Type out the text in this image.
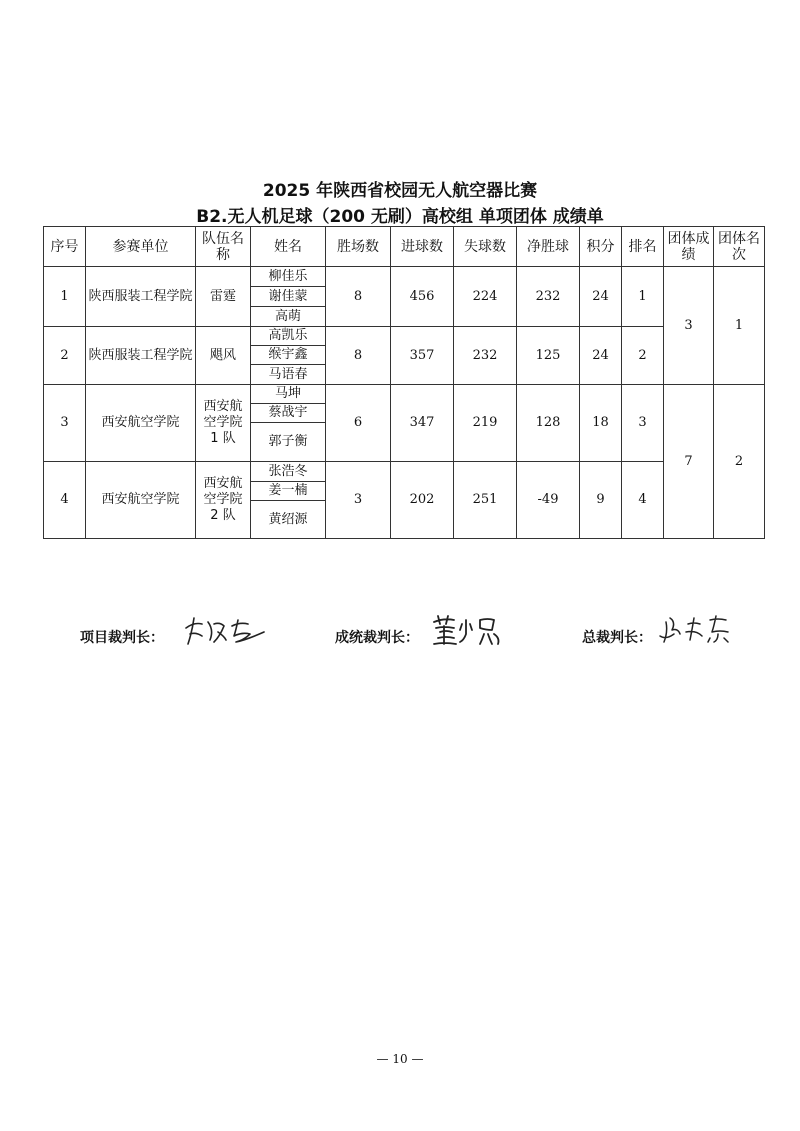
2025 年陕西省校园无人航空器比赛
B2.无人机足球（200 无刷）高校组 单项团体 成绩单
序号	参赛单位	队伍名称	姓名	胜场数	进球数	失球数	净胜球	积分	排名	团体成绩	团体名次
1	陕西服装工程学院	雷霆	柳佳乐	8	456	224	232	24	1	3	1
			谢佳蒙								
			高萌								
2	陕西服装工程学院	飓风	高凯乐	8	357	232	125	24	2		
			缑宇鑫								
			马语春								
3	西安航空学院	西安航空学院 1 队	马坤	6	347	219	128	18	3	7	2
			蔡战宇								
			郭子衡								
4	西安航空学院	西安航空学院 2 队	张浩冬	3	202	251	-49	9	4		
			姜一楠								
			黄绍源								
项目裁判长：	成统裁判长：	总裁判长：
— 10 —
